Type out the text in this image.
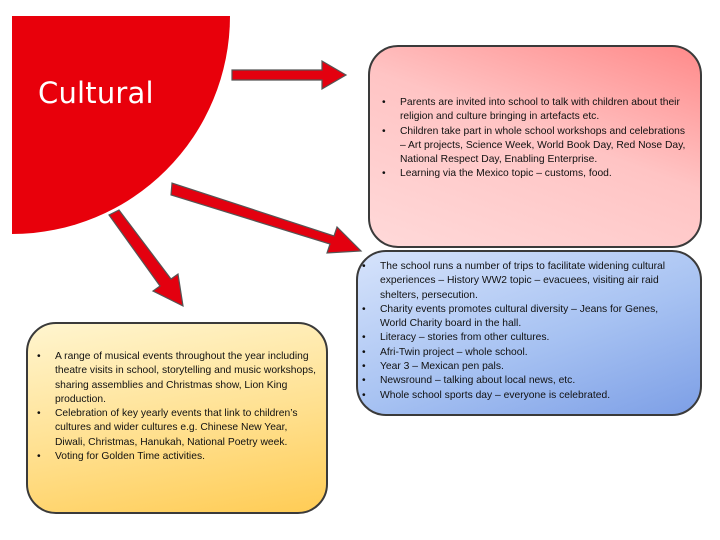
Cultural	• Parents are invited into school to talk with children about their religion and culture bringing in artefacts etc.
• Children take part in whole school workshops and celebrations – Art projects, Science Week, World Book Day, Red Nose Day, National Respect Day, Enabling Enterprise.
• Learning via the Mexico topic – customs, food.
• The school runs a number of trips to facilitate widening cultural experiences – History WW2 topic – evacuees, visiting air raid shelters, persecution.
• Charity events promotes cultural diversity – Jeans for Genes, World Charity board in the hall.
• Literacy – stories from other cultures.
• Afri-Twin project – whole school.
• Year 3 – Mexican pen pals.
• Newsround – talking about local news, etc.
• Whole school sports day – everyone is celebrated.
• A range of musical events throughout the year including theatre visits in school, storytelling and music workshops, sharing assemblies and Christmas show, Lion King production.
• Celebration of key yearly events that link to children’s cultures and wider cultures e.g. Chinese New Year, Diwali, Christmas, Hanukah, National Poetry week.
• Voting for Golden Time activities.
